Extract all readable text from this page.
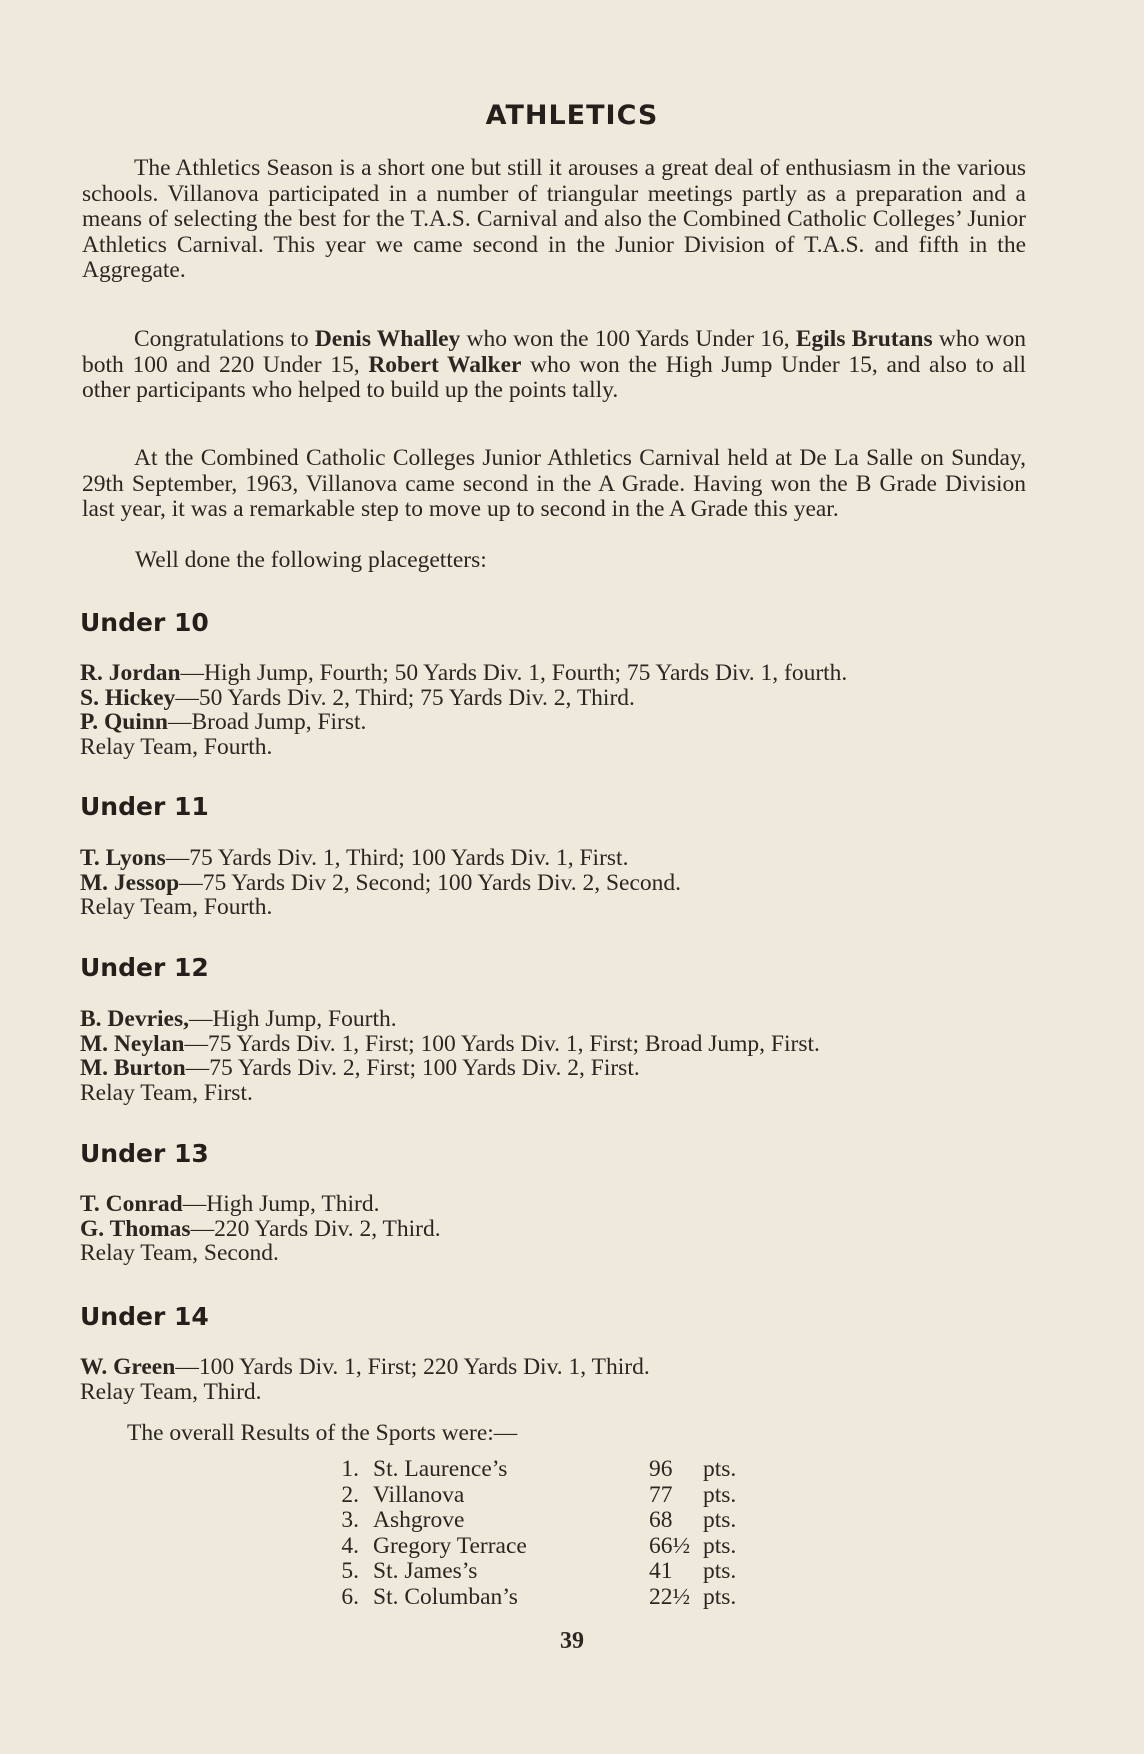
ATHLETICS

The Athletics Season is a short one but still it arouses a great deal of enthusiasm in the various schools. Villanova participated in a number of triangular meetings partly as a preparation and a means of selecting the best for the T.A.S. Carnival and also the Combined Catholic Colleges’ Junior Athletics Carnival. This year we came second in the Junior Division of T.A.S. and fifth in the Aggregate.

Congratulations to Denis Whalley who won the 100 Yards Under 16, Egils Brutans who won both 100 and 220 Under 15, Robert Walker who won the High Jump Under 15, and also to all other participants who helped to build up the points tally.

At the Combined Catholic Colleges Junior Athletics Carnival held at De La Salle on Sunday, 29th September, 1963, Villanova came second in the A Grade. Having won the B Grade Division last year, it was a remarkable step to move up to second in the A Grade this year.

Well done the following placegetters:
Under 10
R. Jordan—High Jump, Fourth; 50 Yards Div. 1, Fourth; 75 Yards Div. 1, fourth.
S. Hickey—50 Yards Div. 2, Third; 75 Yards Div. 2, Third.
P. Quinn—Broad Jump, First.
Relay Team, Fourth.
Under 11
T. Lyons—75 Yards Div. 1, Third; 100 Yards Div. 1, First.
M. Jessop—75 Yards Div 2, Second; 100 Yards Div. 2, Second.
Relay Team, Fourth.
Under 12
B. Devries,—High Jump, Fourth.
M. Neylan—75 Yards Div. 1, First; 100 Yards Div. 1, First; Broad Jump, First.
M. Burton—75 Yards Div. 2, First; 100 Yards Div. 2, First.
Relay Team, First.
Under 13
T. Conrad—High Jump, Third.
G. Thomas—220 Yards Div. 2, Third.
Relay Team, Second.
Under 14
W. Green—100 Yards Div. 1, First; 220 Yards Div. 1, Third.
Relay Team, Third.
The overall Results of the Sports were:—
1. St. Laurence’s	96 pts.
2. Villanova	77 pts.
3. Ashgrove	68 pts.
4. Gregory Terrace	66½ pts.
5. St. James’s	41 pts.
6. St. Columban’s	22½ pts.
39
